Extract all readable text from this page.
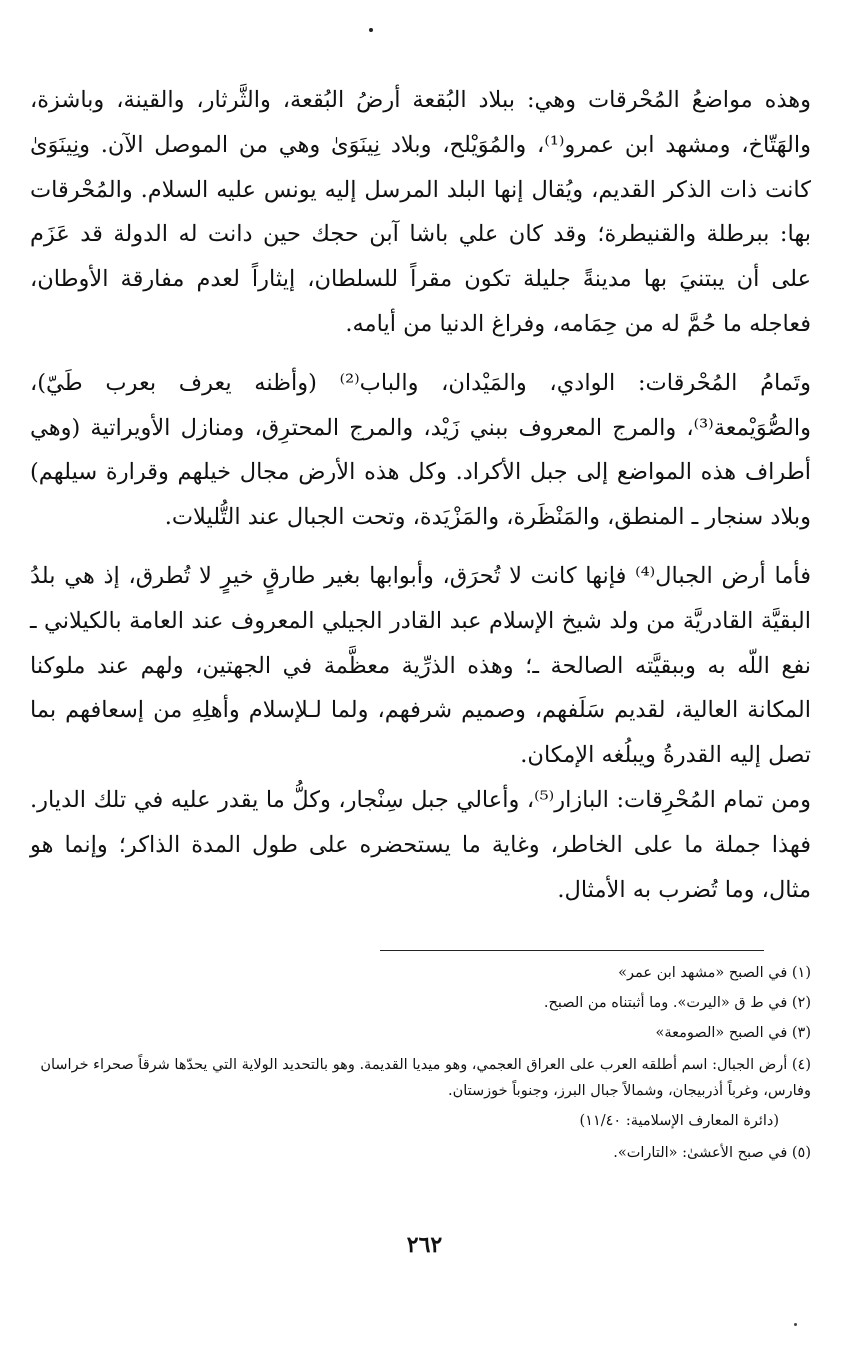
وهذه مواضعُ المُحْرقات وهي: ببلاد البُقعة أرضُ البُقعة، والثَّرثار، والقينة، وباشزة، والهَتّاخ، ومشهد ابن عمرو⁽¹⁾، والمُوَيْلح، وبلاد نِينَوَىٰ وهي من الموصل الآن. ونِينَوَىٰ كانت ذات الذكر القديم، ويُقال إنها البلد المرسل إليه يونس عليه السلام. والمُحْرقات بها: ببرطلة والقنيطرة؛ وقد كان علي باشا آبن حجك حين دانت له الدولة قد عَزَم على أن يبتنيَ بها مدينةً جليلة تكون مقراً للسلطان، إيثاراً لعدم مفارقة الأوطان، فعاجله ما حُمَّ له من حِمَامه، وفراغ الدنيا من أيامه.

وتَمامُ المُحْرقات: الوادي، والمَيْدان، والباب⁽²⁾ (وأظنه يعرف بعرب طَيّ)، والصُّوَيْمعة⁽³⁾، والمرج المعروف ببني زَيْد، والمرج المحترِق، ومنازل الأويراتية (وهي أطراف هذه المواضع إلى جبل الأكراد. وكل هذه الأرض مجال خيلهم وقرارة سيلهم) وبلاد سنجار ـ المنطق، والمَنْظَرة، والمَزْيَدة، وتحت الجبال عند التُّليلات.

فأما أرض الجبال⁽⁴⁾ فإنها كانت لا تُحرَق، وأبوابها بغير طارقٍ خيرٍ لا تُطرق، إذ هي بلدُ البقيَّة القادريَّة من ولد شيخ الإسلام عبد القادر الجيلي المعروف عند العامة بالكيلاني ـ نفع اللّه به وببقيَّته الصالحة ـ؛ وهذه الذرِّية معظَّمة في الجهتين، ولهم عند ملوكنا المكانة العالية، لقديم سَلَفهم، وصميم شرفهم، ولما لـلإسلام وأهلِهِ من إسعافهم بما تصل إليه القدرةُ ويبلُغه الإمكان.

ومن تمام المُحْرِقات: البازار⁽⁵⁾، وأعالي جبل سِنْجار، وكلُّ ما يقدر عليه في تلك الديار. فهذا جملة ما على الخاطر، وغاية ما يستحضره على طول المدة الذاكر؛ وإنما هو مثال، وما تُضرب به الأمثال.

(١) في الصبح «مشهد ابن عمر»

(٢) في ط ق «اليرت». وما أثبتناه من الصبح.

(٣) في الصبح «الصومعة»

(٤) أرض الجبال: اسم أطلقه العرب على العراق العجمي، وهو ميديا القديمة. وهو بالتحديد الولاية التي يحدّها شرقاً صحراء خراسان وفارس، وغرباً أذربيجان، وشمالاً جبال البرز، وجنوباً خوزستان.

(دائرة المعارف الإسلامية: ١١/٤٠)

(٥) في صبح الأعشىٰ: «التارات».

٢٦٢
